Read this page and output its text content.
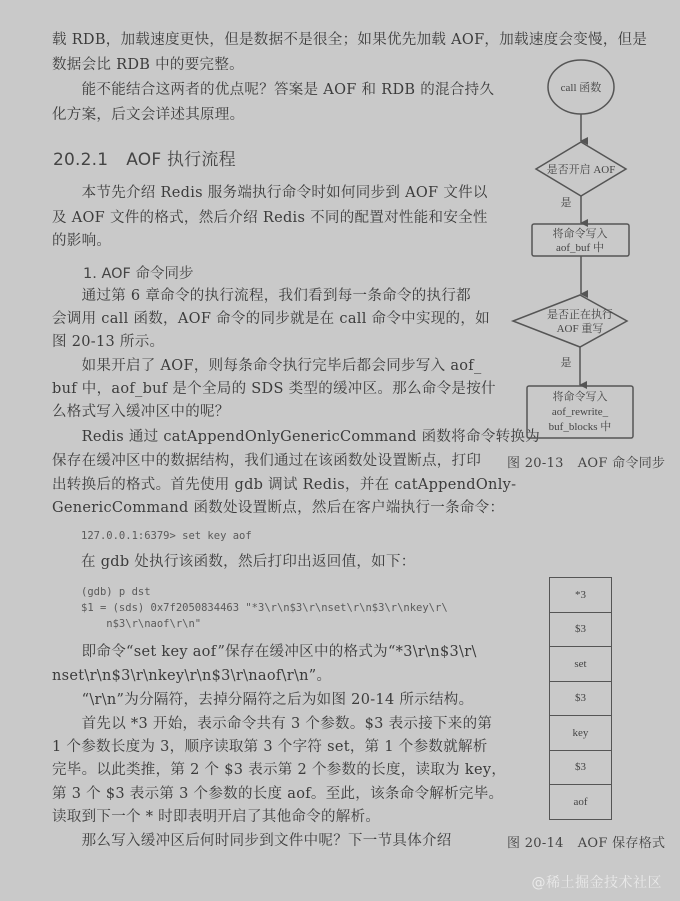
载 RDB，加载速度更快，但是数据不是很全；如果优先加载 AOF，加载速度会变慢，但是
数据会比 RDB 中的要完整。
　　能不能结合这两者的优点呢？答案是 AOF 和 RDB 的混合持久
化方案，后文会详述其原理。
20.2.1 AOF 执行流程
　　本节先介绍 Redis 服务端执行命令时如何同步到 AOF 文件以
及 AOF 文件的格式，然后介绍 Redis 不同的配置对性能和安全性
的影响。
1. AOF 命令同步
　　通过第 6 章命令的执行流程，我们看到每一条命令的执行都
会调用 call 函数，AOF 命令的同步就是在 call 命令中实现的，如
图 20-13 所示。
　　如果开启了 AOF，则每条命令执行完毕后都会同步写入 aof_
buf 中，aof_buf 是个全局的 SDS 类型的缓冲区。那么命令是按什
么格式写入缓冲区中的呢？
　　Redis 通过 catAppendOnlyGenericCommand 函数将命令转换为
保存在缓冲区中的数据结构，我们通过在该函数处设置断点，打印
出转换后的格式。首先使用 gdb 调试 Redis，并在 catAppendOnly-
GenericCommand 函数处设置断点，然后在客户端执行一条命令：
127.0.0.1:6379> set key aof
在 gdb 处执行该函数，然后打印出返回值，如下：
(gdb) p dst
$1 = (sds) 0x7f2050834463 "*3\r\n$3\r\nset\r\n$3\r\nkey\r\
n$3\r\naof\r\n"
　　即命令“set key aof”保存在缓冲区中的格式为“*3\r\n$3\r\
nset\r\n$3\r\nkey\r\n$3\r\naof\r\n”。
　　“\r\n”为分隔符，去掉分隔符之后为如图 20-14 所示结构。
　　首先以 *3 开始，表示命令共有 3 个参数。$3 表示接下来的第
1 个参数长度为 3，顺序读取第 3 个字符 set，第 1 个参数就解析
完毕。以此类推，第 2 个 $3 表示第 2 个参数的长度，读取为 key，
第 3 个 $3 表示第 3 个参数的长度 aof。至此，该条命令解析完毕。
读取到下一个 * 时即表明开启了其他命令的解析。
　　那么写入缓冲区后何时同步到文件中呢？下一节具体介绍
call 函数
是否开启 AOF
是
将命令写入
aof_buf 中
是否正在执行
AOF 重写
是
将命令写入
aof_rewrite_
buf_blocks 中
图 20-13 AOF 命令同步
*3
$3
set
$3
key
$3
aof
图 20-14 AOF 保存格式
@稀土掘金技术社区
